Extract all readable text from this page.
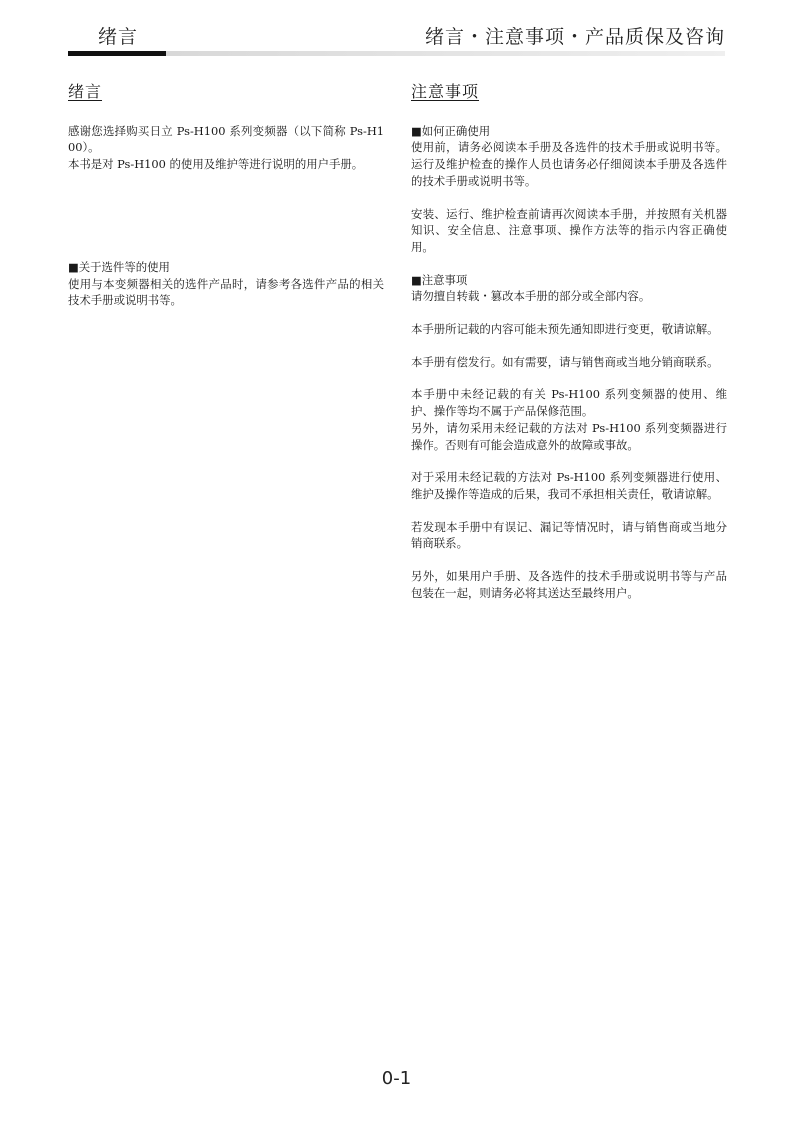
绪言	绪言・注意事项・产品质保及咨询
绪言

感谢您选择购买日立 Ps-H100 系列变频器（以下简称 Ps-H100）。

本书是对 Ps-H100 的使用及维护等进行说明的用户手册。

■关于选件等的使用

使用与本变频器相关的选件产品时，请参考各选件产品的相关技术手册或说明书等。

注意事项

■如何正确使用

使用前，请务必阅读本手册及各选件的技术手册或说明书等。运行及维护检查的操作人员也请务必仔细阅读本手册及各选件的技术手册或说明书等。

安装、运行、维护检查前请再次阅读本手册，并按照有关机器知识、安全信息、注意事项、操作方法等的指示内容正确使用。

■注意事项

请勿擅自转载・篡改本手册的部分或全部内容。

本手册所记载的内容可能未预先通知即进行变更，敬请谅解。

本手册有偿发行。如有需要，请与销售商或当地分销商联系。

本手册中未经记载的有关 Ps-H100 系列变频器的使用、维护、操作等均不属于产品保修范围。

另外，请勿采用未经记载的方法对 Ps-H100 系列变频器进行操作。否则有可能会造成意外的故障或事故。

对于采用未经记载的方法对 Ps-H100 系列变频器进行使用、维护及操作等造成的后果，我司不承担相关责任，敬请谅解。

若发现本手册中有误记、漏记等情况时，请与销售商或当地分销商联系。

另外，如果用户手册、及各选件的技术手册或说明书等与产品包装在一起，则请务必将其送达至最终用户。

0-1
